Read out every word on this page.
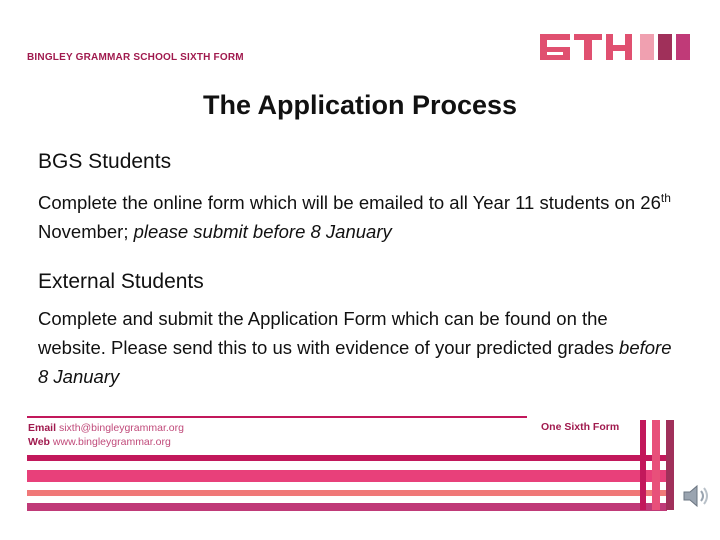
BINGLEY GRAMMAR SCHOOL SIXTH FORM
The Application Process
BGS Students

Complete the online form which will be emailed to all Year 11 students on 26th November; please submit before 8 January

External Students

Complete and submit the Application Form which can be found on the website. Please send this to us with evidence of your predicted grades before 8 January

Email sixth@bingleygrammar.org
Web www.bingleygrammar.org
One Sixth Form
